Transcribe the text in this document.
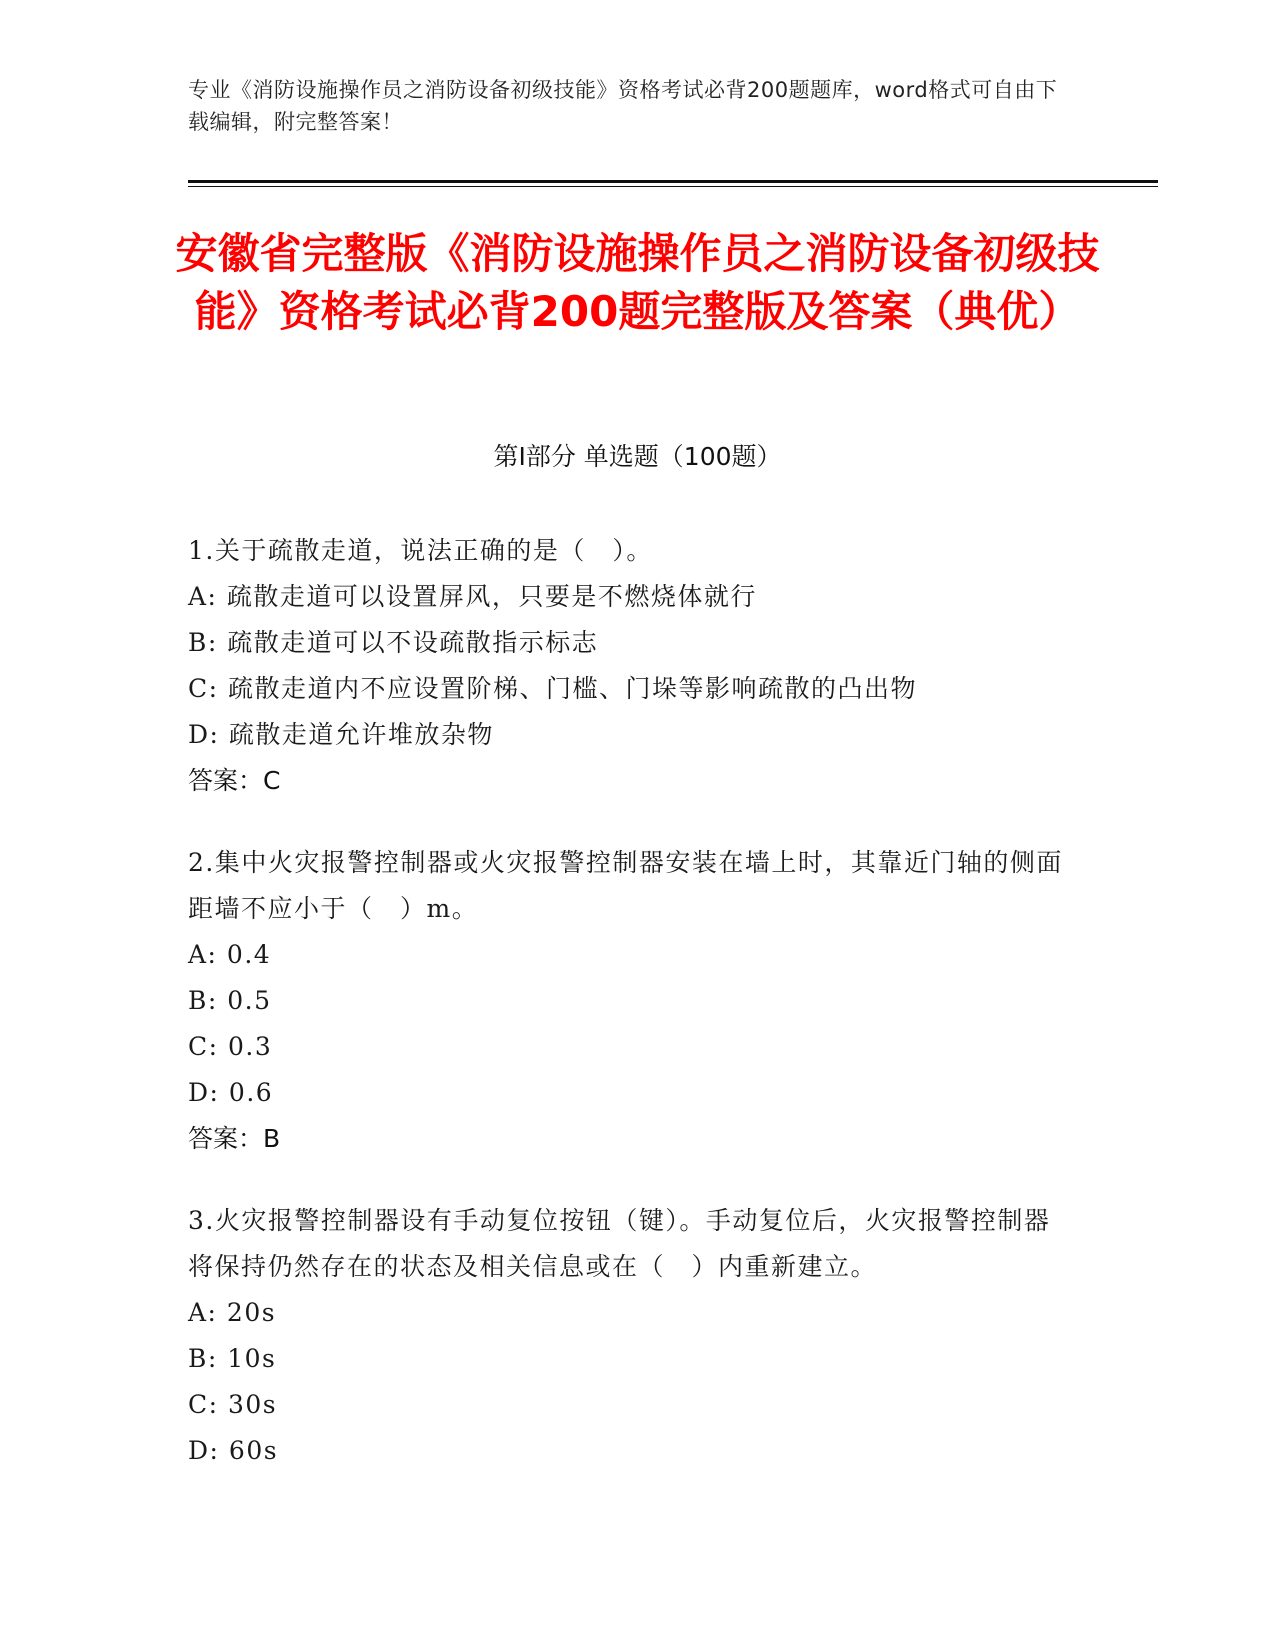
专业《消防设施操作员之消防设备初级技能》资格考试必背200题题库，word格式可自由下载编辑，附完整答案！
安徽省完整版《消防设施操作员之消防设备初级技能》资格考试必背200题完整版及答案（典优）
第Ⅰ部分 单选题（100题）
1.关于疏散走道，说法正确的是（　）。
A: 疏散走道可以设置屏风，只要是不燃烧体就行
B: 疏散走道可以不设疏散指示标志
C: 疏散走道内不应设置阶梯、门槛、门垛等影响疏散的凸出物
D: 疏散走道允许堆放杂物
答案：C
2.集中火灾报警控制器或火灾报警控制器安装在墙上时，其靠近门轴的侧面距墙不应小于（　）m。
A: 0.4
B: 0.5
C: 0.3
D: 0.6
答案：B
3.火灾报警控制器设有手动复位按钮（键）。手动复位后，火灾报警控制器将保持仍然存在的状态及相关信息或在（　）内重新建立。
A: 20s
B: 10s
C: 30s
D: 60s
